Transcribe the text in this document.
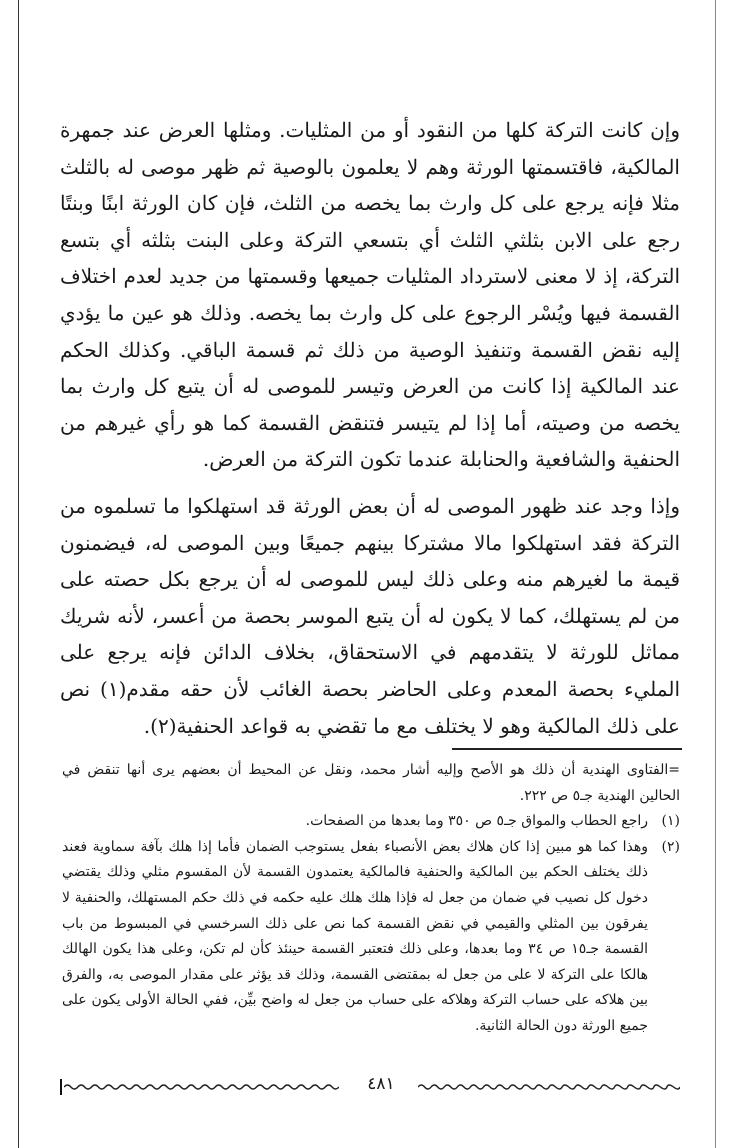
وإن كانت التركة كلها من النقود أو من المثليات. ومثلها العرض عند جمهرة المالكية، فاقتسمتها الورثة وهم لا يعلمون بالوصية ثم ظهر موصى له بالثلث مثلا فإنه يرجع على كل وارث بما يخصه من الثلث، فإن كان الورثة ابنًا وبنتًا رجع على الابن بثلثي الثلث أي بتسعي التركة وعلى البنت بثلثه أي بتسع التركة، إذ لا معنى لاسترداد المثليات جميعها وقسمتها من جديد لعدم اختلاف القسمة فيها ويُسْر الرجوع على كل وارث بما يخصه. وذلك هو عين ما يؤدي إليه نقض القسمة وتنفيذ الوصية من ذلك ثم قسمة الباقي. وكذلك الحكم عند المالكية إذا كانت من العرض وتيسر للموصى له أن يتبع كل وارث بما يخصه من وصيته، أما إذا لم يتيسر فتنقض القسمة كما هو رأي غيرهم من الحنفية والشافعية والحنابلة عندما تكون التركة من العرض.

وإذا وجد عند ظهور الموصى له أن بعض الورثة قد استهلكوا ما تسلموه من التركة فقد استهلكوا مالا مشتركا بينهم جميعًا وبين الموصى له، فيضمنون قيمة ما لغيرهم منه وعلى ذلك ليس للموصى له أن يرجع بكل حصته على من لم يستهلك، كما لا يكون له أن يتبع الموسر بحصة من أعسر، لأنه شريك مماثل للورثة لا يتقدمهم في الاستحقاق، بخلاف الدائن فإنه يرجع على المليء بحصة المعدم وعلى الحاضر بحصة الغائب لأن حقه مقدم(١) نص على ذلك المالكية وهو لا يختلف مع ما تقضي به قواعد الحنفية(٢).

=الفتاوى الهندية أن ذلك هو الأصح وإليه أشار محمد، ونقل عن المحيط أن بعضهم يرى أنها تنقض في الحالين الهندية جـ٥ ص ٢٢٢.
(١)
راجع الحطاب والمواق جـ٥ ص ٣٥٠ وما بعدها من الصفحات.
(٢)
وهذا كما هو مبين إذا كان هلاك بعض الأنصباء بفعل يستوجب الضمان فأما إذا هلك بآفة سماوية فعند ذلك يختلف الحكم بين المالكية والحنفية فالمالكية يعتمدون القسمة لأن المقسوم مثلي وذلك يقتضي دخول كل نصيب في ضمان من جعل له فإذا هلك هلك عليه حكمه في ذلك حكم المستهلك، والحنفية لا يفرقون بين المثلي والقيمي في نقض القسمة كما نص على ذلك السرخسي في المبسوط من باب القسمة جـ١٥ ص ٣٤ وما بعدها، وعلى ذلك فتعتبر القسمة حينئذ كأن لم تكن، وعلى هذا يكون الهالك هالكا على التركة لا على من جعل له بمقتضى القسمة، وذلك قد يؤثر على مقدار الموصى به، والفرق بين هلاكه على حساب التركة وهلاكه على حساب من جعل له واضح بيِّن، ففي الحالة الأولى يكون على جميع الورثة دون الحالة الثانية.
٤٨١
